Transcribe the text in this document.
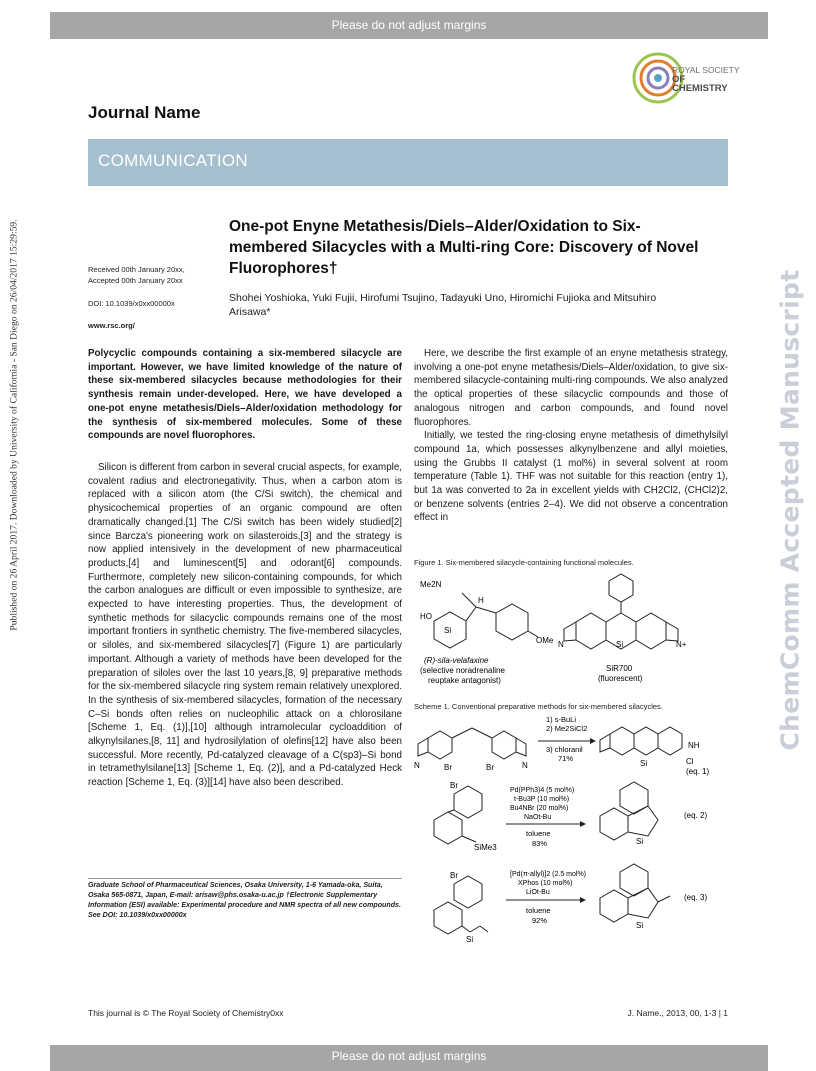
Please do not adjust margins
Published on 26 April 2017. Downloaded by University of California - San Diego on 26/04/2017 15:29:59.	ChemComm Accepted Manuscript
ROYAL SOCIETY
OF CHEMISTRY
Journal Name
COMMUNICATION
One-pot Enyne Metathesis/Diels–Alder/Oxidation to Six-membered Silacycles with a Multi-ring Core: Discovery of Novel Fluorophores†
Received 00th January 20xx,
Accepted 00th January 20xx
DOI: 10.1039/x0xx00000x
www.rsc.org/
Shohei Yoshioka, Yuki Fujii, Hirofumi Tsujino, Tadayuki Uno, Hiromichi Fujioka and Mitsuhiro Arisawa*
Polycyclic compounds containing a six-membered silacycle are important. However, we have limited knowledge of the nature of these six-membered silacycles because methodologies for their synthesis remain under-developed. Here, we have developed a one-pot enyne metathesis/Diels–Alder/oxidation methodology for the synthesis of six-membered molecules. Some of these compounds are novel fluorophores.

Silicon is different from carbon in several crucial aspects, for example, covalent radius and electronegativity. Thus, when a carbon atom is replaced with a silicon atom (the C/Si switch), the chemical and physicochemical properties of an organic compound are often dramatically changed.[1] The C/Si switch has been widely studied[2] since Barcza's pioneering work on silasteroids,[3] and the strategy is now applied intensively in the development of new pharmaceutical products,[4] and luminescent[5] and odorant[6] compounds. Furthermore, completely new silicon-containing compounds, for which the carbon analogues are difficult or even impossible to synthesize, are expected to have interesting properties. Thus, the development of synthetic methods for silacyclic compounds remains one of the most important frontiers in synthetic chemistry. The five-membered silacycles, or siloles, and six-membered silacycles[7] (Figure 1) are particularly important. Although a variety of methods have been developed for the preparation of siloles over the last 10 years,[8, 9] preparative methods for the six-membered silacycle ring system remain relatively unexplored. In the synthesis of six-membered silacycles, formation of the necessary C–Si bonds often relies on nucleophilic attack on a chlorosilane [Scheme 1, Eq. (1)],[10] although intramolecular cycloaddition of alkynylsilanes,[8, 11] and hydrosilylation of olefins[12] have also been successful. More recently, Pd-catalyzed cleavage of a C(sp3)–Si bond in tetramethylsilane[13] [Scheme 1, Eq. (2)], and a Pd-catalyzed Heck reaction [Scheme 1, Eq. (3)][14] have also been described.

Here, we describe the first example of an enyne metathesis strategy, involving a one-pot enyne metathesis/Diels–Alder/oxidation, to give six-membered silacycle-containing multi-ring compounds. We also analyzed the optical properties of these silacyclic compounds and those of analogous nitrogen and carbon compounds, and found novel fluorophores.

Initially, we tested the ring-closing enyne metathesis of dimethylsilyl compound 1a, which possesses alkynylbenzene and allyl moieties, using the Grubbs II catalyst (1 mol%) in several solvent at room temperature (Table 1). THF was not suitable for this reaction (entry 1), but 1a was converted to 2a in excellent yields with CH2Cl2, (CHCl2)2, or benzene solvents (entries 2–4). We did not observe a concentration effect in

Graduate School of Pharmaceutical Sciences, Osaka University, 1-6 Yamada-oka, Suita, Osaka 565-0871, Japan, E-mail: arisaw@phs.osaka-u.ac.jp †Electronic Supplementary Information (ESI) available: Experimental procedure and NMR spectra of all new compounds. See DOI: 10.1039/x0xx00000x
Figure 1. Six-membered silacycle-containing functional molecules.
Me2N
H
HO
Si
OMe
(R)-sila-velafaxine
(selective noradrenaline
reuptake antagonist)
Si
N	N+
SiR700
(fluorescent)
Scheme 1. Conventional preparative methods for six-membered silacycles.
N	Br	Br	N
1) s-BuLi
2) Me2SiCl2
3) chloranil
71%
Si
NH
Cl
(eq. 1)
Br
SiMe3
Pd(PPh3)4 (5 mol%)
t-Bu3P (10 mol%)
Bu4NBr (20 mol%)
NaOt-Bu
toluene
83%	Si
(eq. 2)
Br
Si
[Pd(π-allyl)]2 (2.5 mol%)
XPhos (10 mol%)
LiOt-Bu
toluene
92%
Si
(eq. 3)
This journal is © The Royal Society of Chemistry0xx	J. Name., 2013, 00, 1-3 | 1
Please do not adjust margins
